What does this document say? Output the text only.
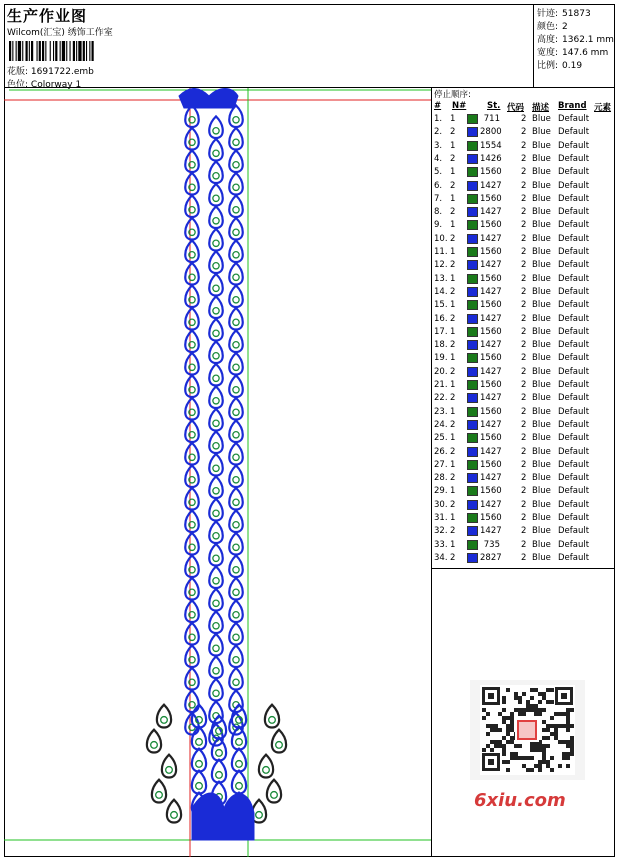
生产作业图
Wilcom(汇宝) 绣饰工作室
花版: 1691722.emb
色位: Colorway 1
针迹: 51873
颜色: 2
高度: 1362.1 mm
宽度: 147.6 mm
比例: 0.19
停止顺序:
# N# St. 代码 描述 Brand 元素
1. 1	711 2 Blue Default
2. 2	2800 2 Blue Default
3. 1	1554 2 Blue Default
4. 2	1426 2 Blue Default
5. 1	1560 2 Blue Default
6. 2	1427 2 Blue Default
7. 1	1560 2 Blue Default
8. 2	1427 2 Blue Default
9. 1	1560 2 Blue Default
10. 2	1427 2 Blue Default
11. 1	1560 2 Blue Default
12. 2	1427 2 Blue Default
13. 1	1560 2 Blue Default
14. 2	1427 2 Blue Default
15. 1	1560 2 Blue Default
16. 2	1427 2 Blue Default
17. 1	1560 2 Blue Default
18. 2	1427 2 Blue Default
19. 1	1560 2 Blue Default
20. 2	1427 2 Blue Default
21. 1	1560 2 Blue Default
22. 2	1427 2 Blue Default
23. 1	1560 2 Blue Default
24. 2	1427 2 Blue Default
25. 1	1560 2 Blue Default
26. 2	1427 2 Blue Default
27. 1	1560 2 Blue Default
28. 2	1427 2 Blue Default
29. 1	1560 2 Blue Default
30. 2	1427 2 Blue Default
31. 1	1560 2 Blue Default
32. 2	1427 2 Blue Default
33. 1	735 2 Blue Default
34. 2	2827 2 Blue Default
6xiu.com
